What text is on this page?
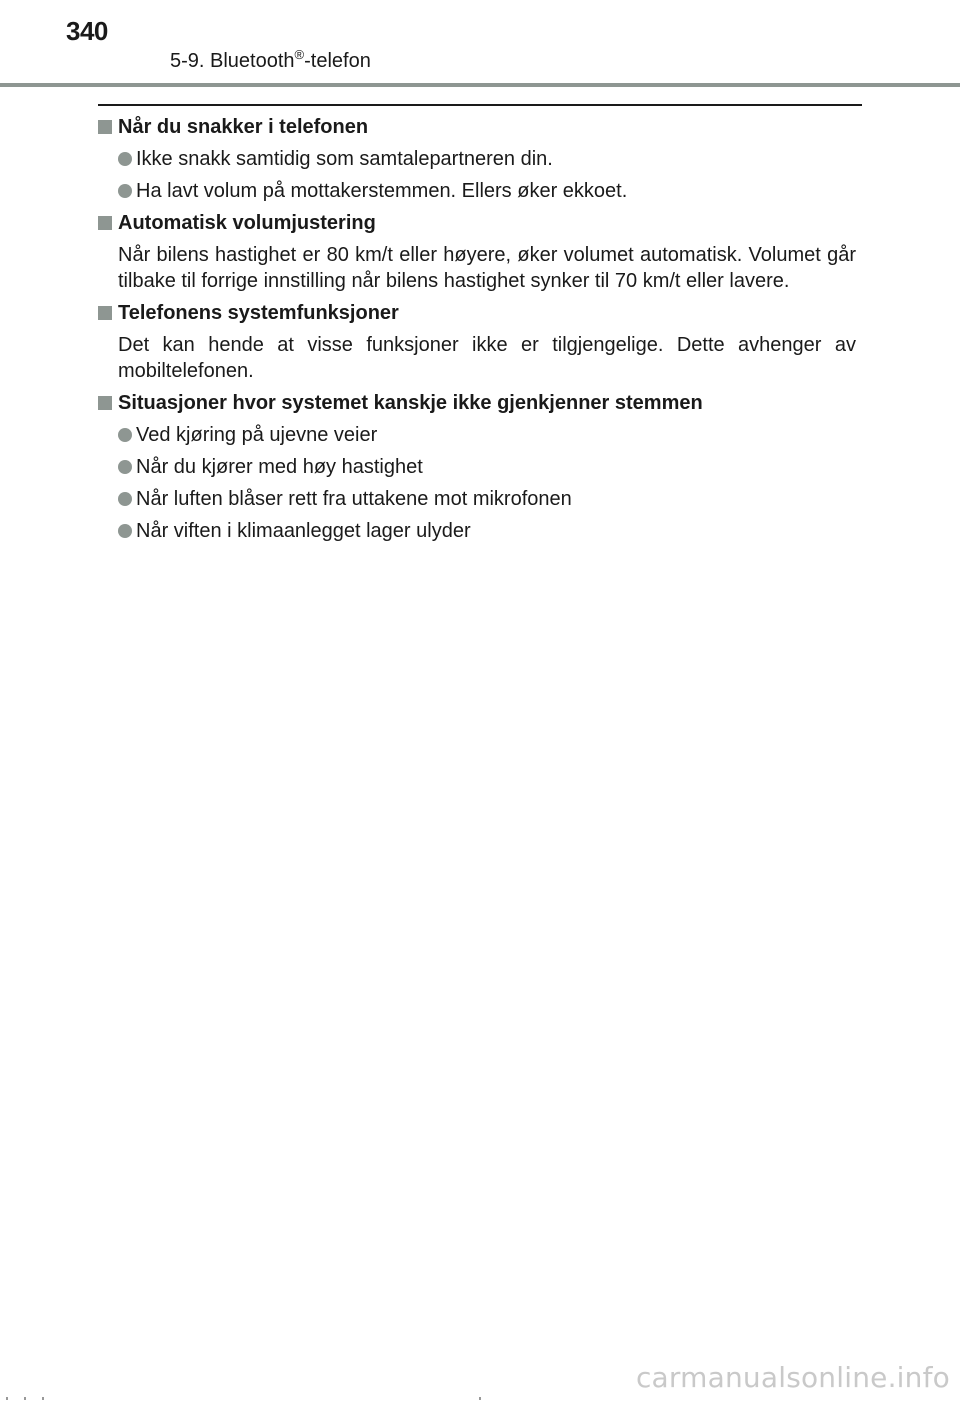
340
5-9. Bluetooth®-telefon
Når du snakker i telefonen
Ikke snakk samtidig som samtalepartneren din.
Ha lavt volum på mottakerstemmen. Ellers øker ekkoet.
Automatisk volumjustering
Når bilens hastighet er 80 km/t eller høyere, øker volumet automatisk. Volumet går tilbake til forrige innstilling når bilens hastighet synker til 70 km/t eller lavere.
Telefonens systemfunksjoner
Det kan hende at visse funksjoner ikke er tilgjengelige. Dette avhenger av mobiltelefonen.
Situasjoner hvor systemet kanskje ikke gjenkjenner stemmen
Ved kjøring på ujevne veier
Når du kjører med høy hastighet
Når luften blåser rett fra uttakene mot mikrofonen
Når viften i klimaanlegget lager ulyder
carmanualsonline.info
